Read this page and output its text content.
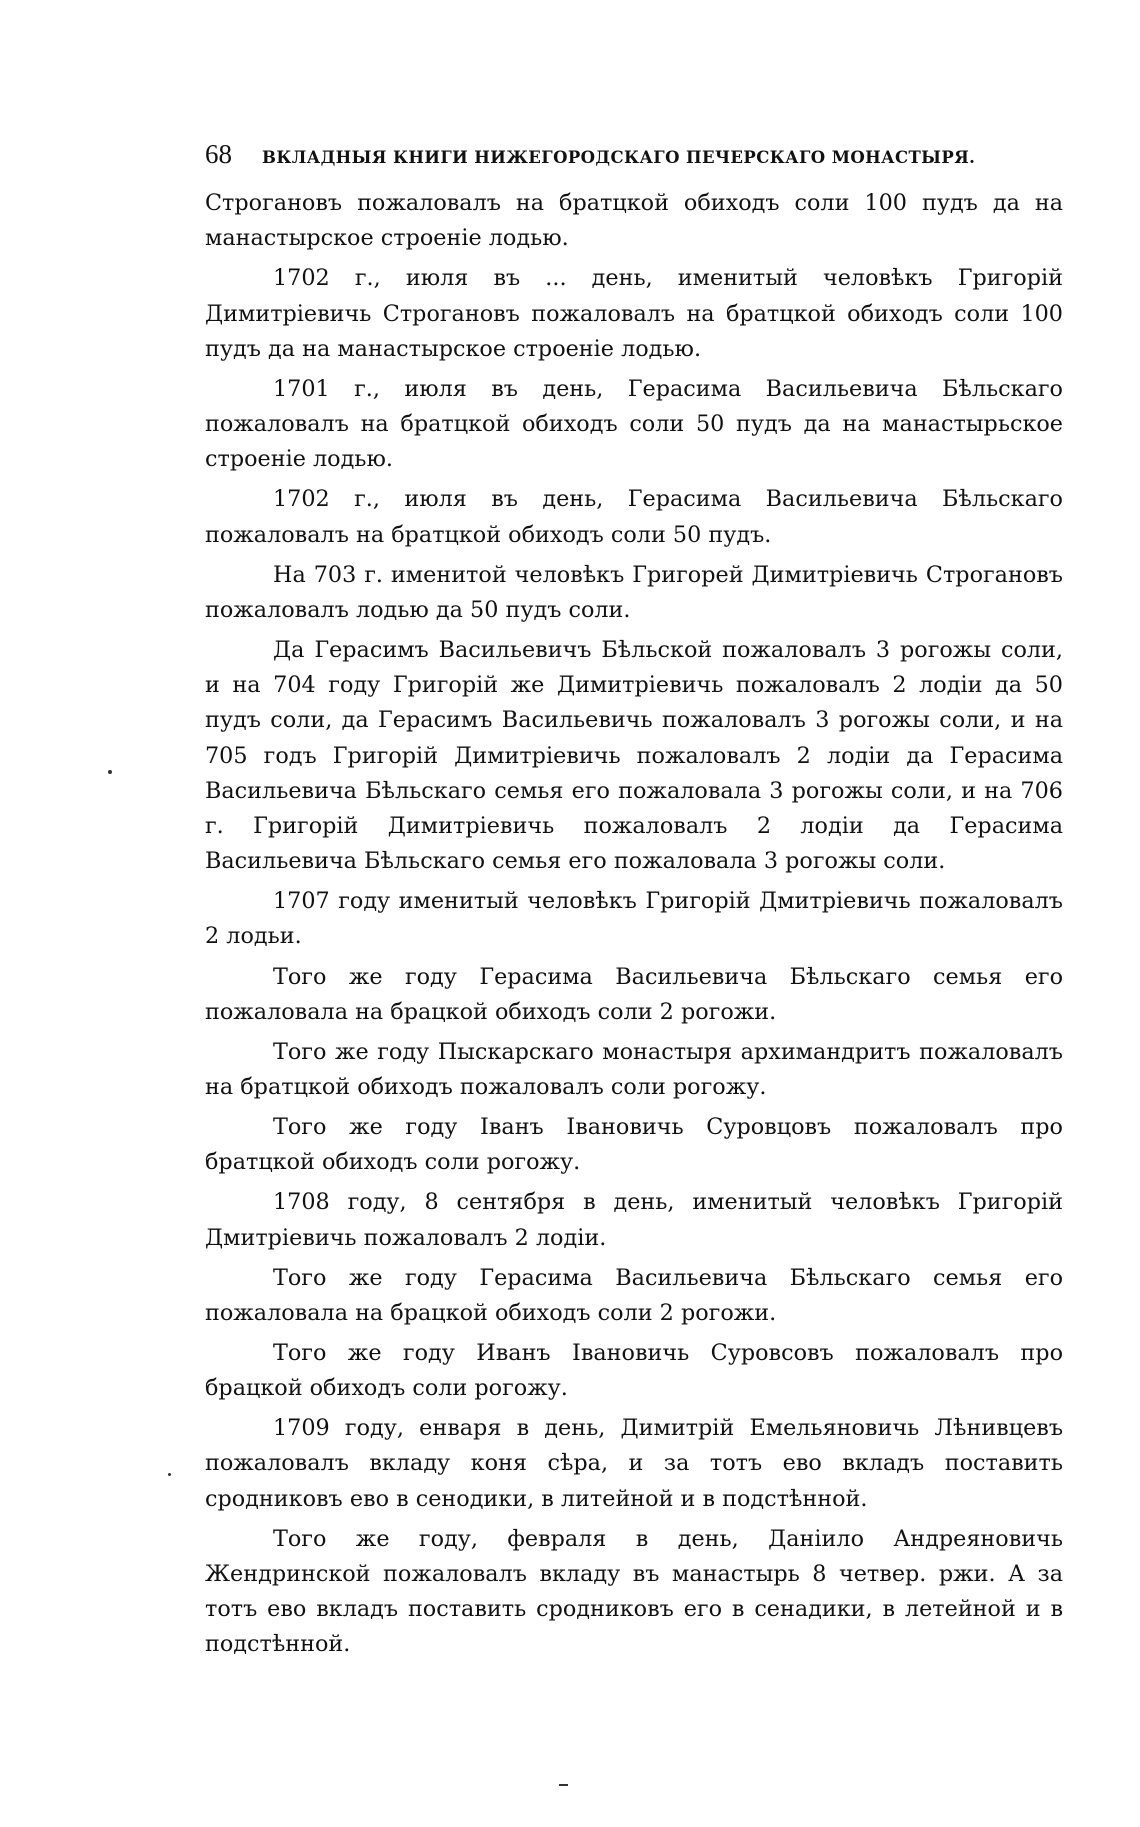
68 ВКЛАДНЫЯ КНИГИ НИЖЕГОРОДСКАГО ПЕЧЕРСКАГО МОНАСТЫРЯ.

Строгановъ пожаловалъ на братцкой обиходъ соли 100 пудъ да на манастырское строеніе лодью.

1702 г., июля въ ... день, именитый человѣкъ Григорій Димитріевичь Строгановъ пожаловалъ на братцкой обиходъ соли 100 пудъ да на манастырское строеніе лодью.

1701 г., июля въ день, Герасима Васильевича Бѣльскаго пожаловалъ на братцкой обиходъ соли 50 пудъ да на манастырьское строеніе лодью.

1702 г., июля въ день, Герасима Васильевича Бѣльскаго пожаловалъ на братцкой обиходъ соли 50 пудъ.

На 703 г. именитой человѣкъ Григорей Димитріевичь Строгановъ пожаловалъ лодью да 50 пудъ соли.

Да Герасимъ Васильевичъ Бѣльской пожаловалъ 3 рогожы соли, и на 704 году Григорій же Димитріевичь пожаловалъ 2 лодіи да 50 пудъ соли, да Герасимъ Васильевичь пожаловалъ 3 рогожы соли, и на 705 годъ Григорій Димитріевичь пожаловалъ 2 лодіи да Герасима Васильевича Бѣльскаго семья его пожаловала 3 рогожы соли, и на 706 г. Григорій Димитріевичь пожаловалъ 2 лодіи да Герасима Васильевича Бѣльскаго семья его пожаловала 3 рогожы соли.

1707 году именитый человѣкъ Григорій Дмитріевичь пожаловалъ 2 лодьи.

Того же году Герасима Васильевича Бѣльскаго семья его пожаловала на брацкой обиходъ соли 2 рогожи.

Того же году Пыскарскаго монастыря архимандритъ пожаловалъ на братцкой обиходъ пожаловалъ соли рогожу.

Того же году Іванъ Івановичь Суровцовъ пожаловалъ про братцкой обиходъ соли рогожу.

1708 году, 8 сентября в день, именитый человѣкъ Григорій Дмитріевичь пожаловалъ 2 лодіи.

Того же году Герасима Васильевича Бѣльскаго семья его пожаловала на брацкой обиходъ соли 2 рогожи.

Того же году Иванъ Івановичь Суровсовъ пожаловалъ про брацкой обиходъ соли рогожу.

1709 году, енваря в день, Димитрій Емельяновичь Лѣнивцевъ пожаловалъ вкладу коня сѣра, и за тотъ ево вкладъ поставить сродниковъ ево в сенодики, в литейной и в подстѣнной.

Того же году, февраля в день, Даніило Андреяновичь Жендринской пожаловалъ вкладу въ манастырь 8 четвер. ржи. А за тотъ ево вкладъ поставить сродниковъ его в сенадики, в летейной и в подстѣнной.
